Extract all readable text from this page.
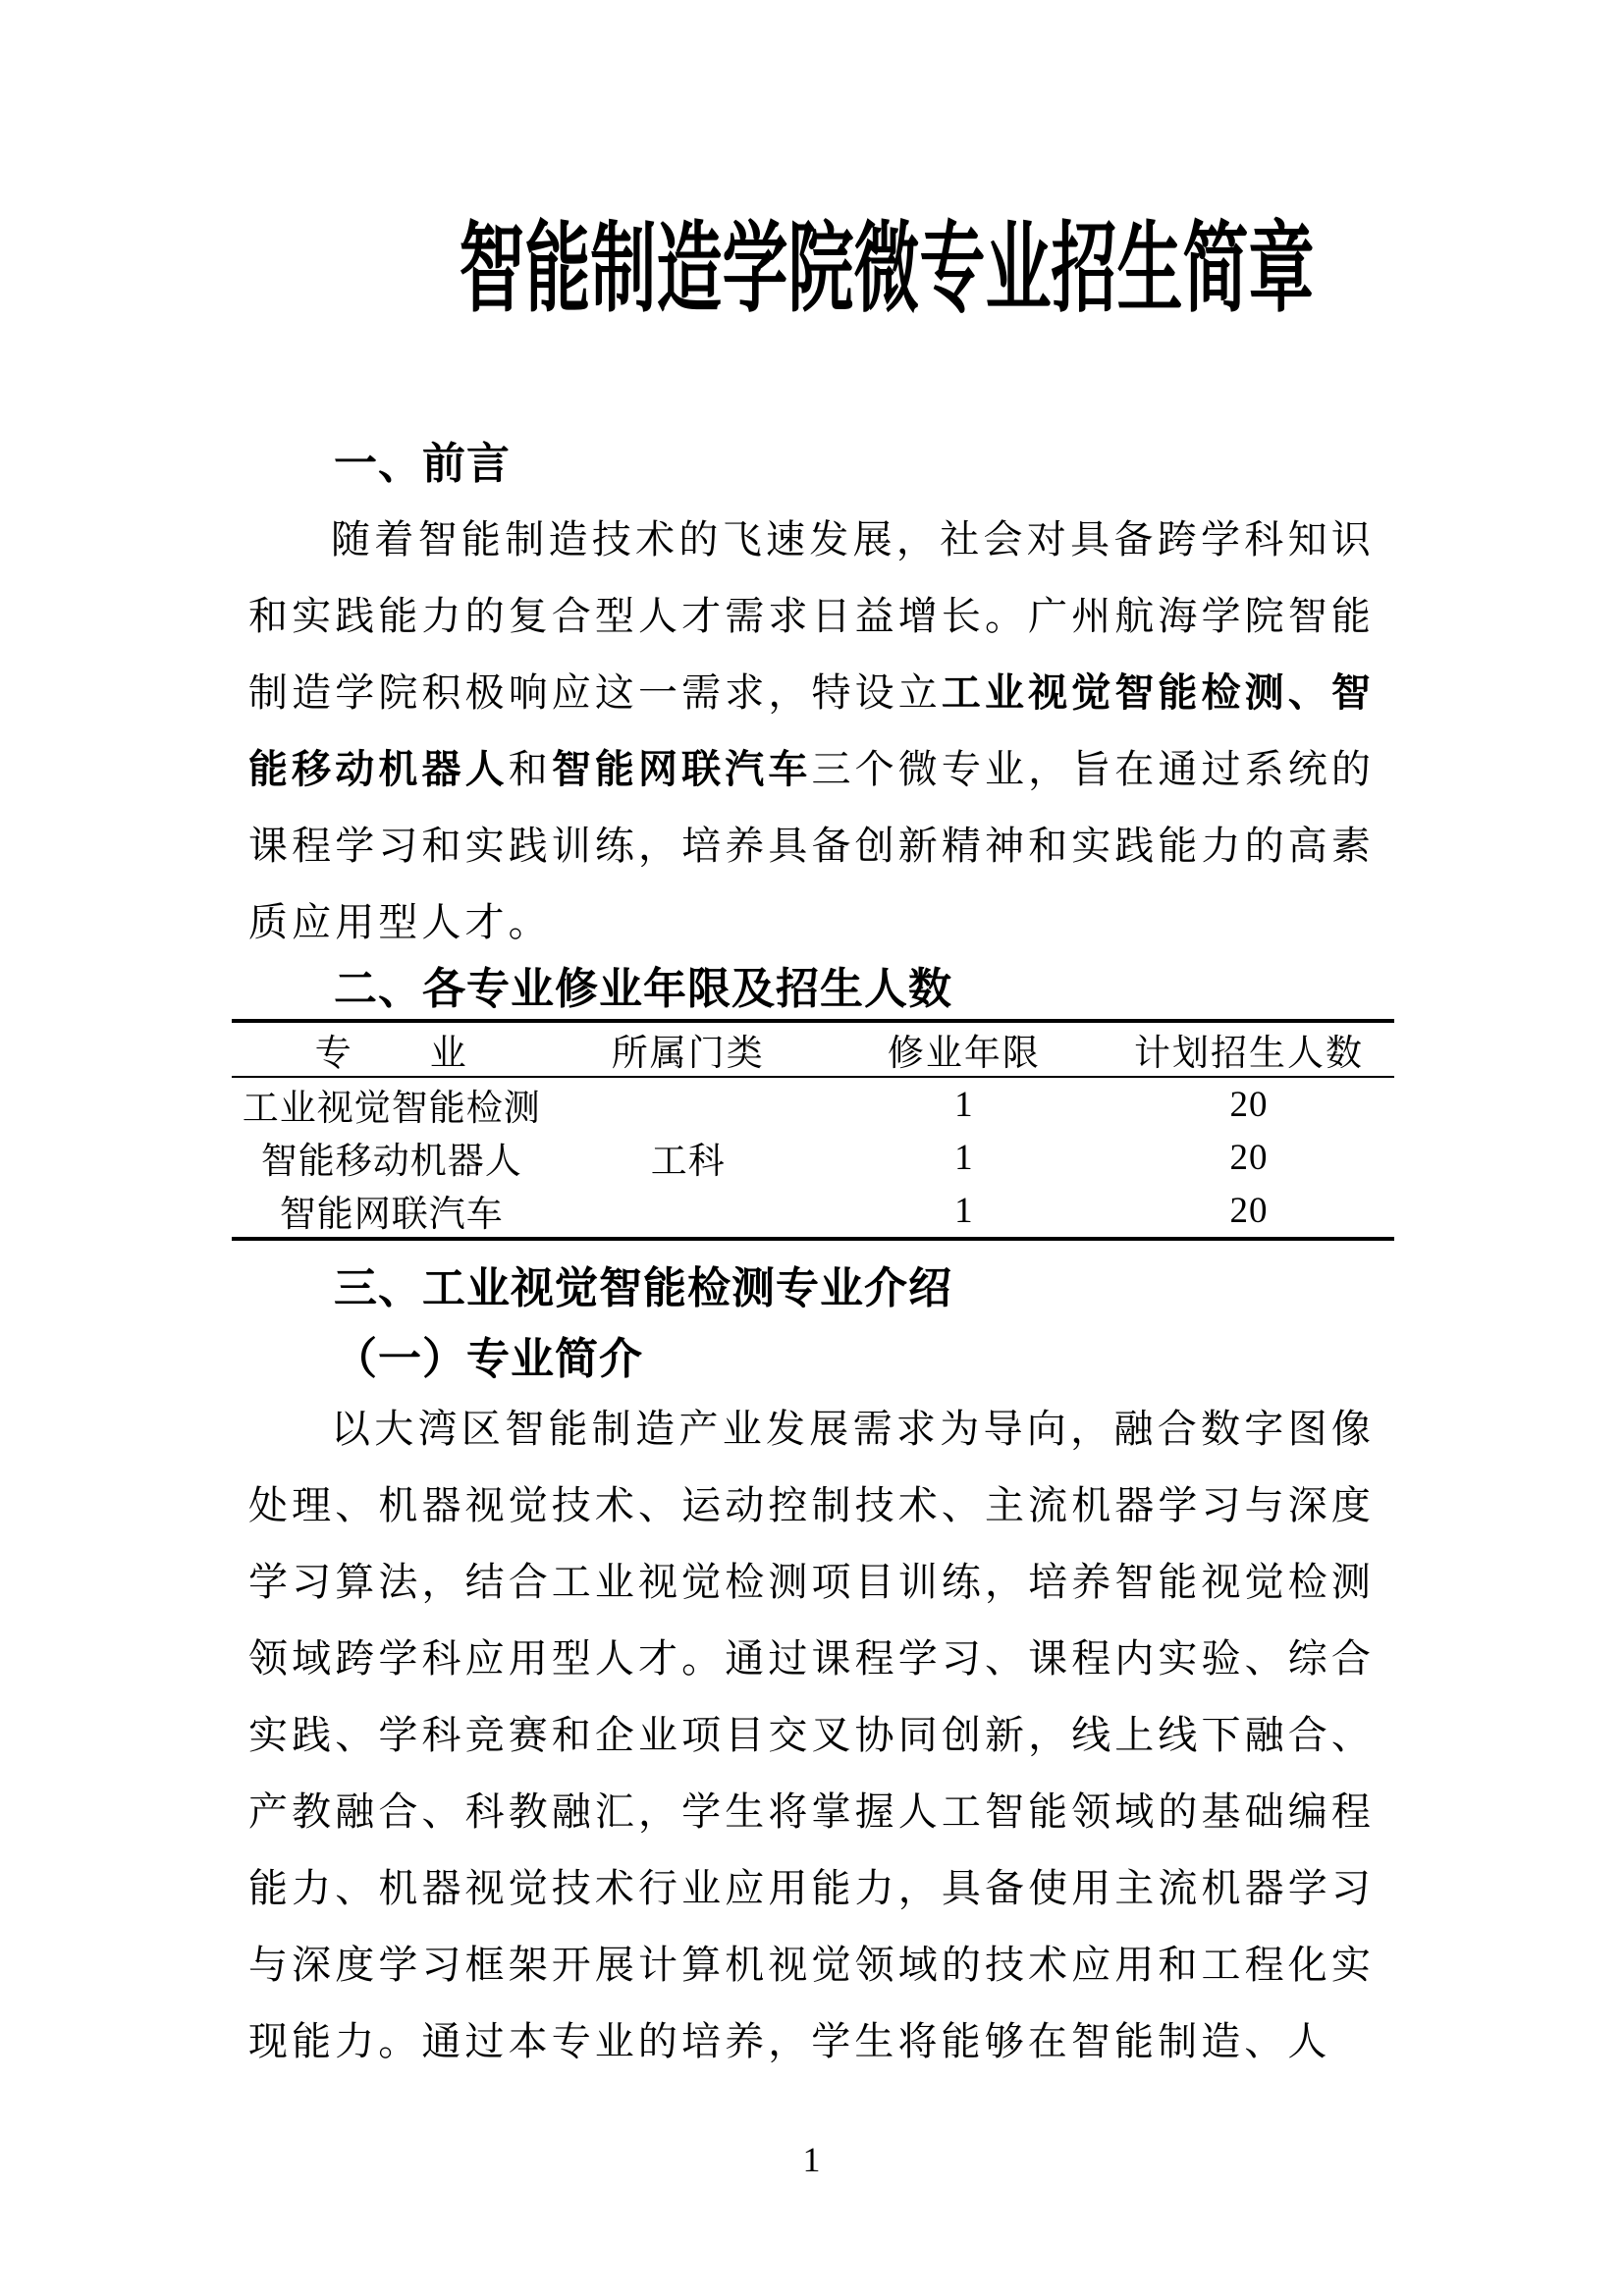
智能制造学院微专业招生简章
一、前言

随着智能制造技术的飞速发展，社会对具备跨学科知识和实践能力的复合型人才需求日益增长。广州航海学院智能制造学院积极响应这一需求，特设立工业视觉智能检测、智能移动机器人和智能网联汽车三个微专业，旨在通过系统的课程学习和实践训练，培养具备创新精神和实践能力的高素质应用型人才。

二、各专业修业年限及招生人数
专　　业	所属门类	修业年限	计划招生人数
工业视觉智能检测	工科	1	20
智能移动机器人		1	20
智能网联汽车		1	20
三、工业视觉智能检测专业介绍
（一）专业简介

以大湾区智能制造产业发展需求为导向，融合数字图像处理、机器视觉技术、运动控制技术、主流机器学习与深度学习算法，结合工业视觉检测项目训练，培养智能视觉检测领域跨学科应用型人才。通过课程学习、课程内实验、综合实践、学科竞赛和企业项目交叉协同创新，线上线下融合、产教融合、科教融汇，学生将掌握人工智能领域的基础编程能力、机器视觉技术行业应用能力，具备使用主流机器学习与深度学习框架开展计算机视觉领域的技术应用和工程化实现能力。通过本专业的培养，学生将能够在智能制造、人

1
